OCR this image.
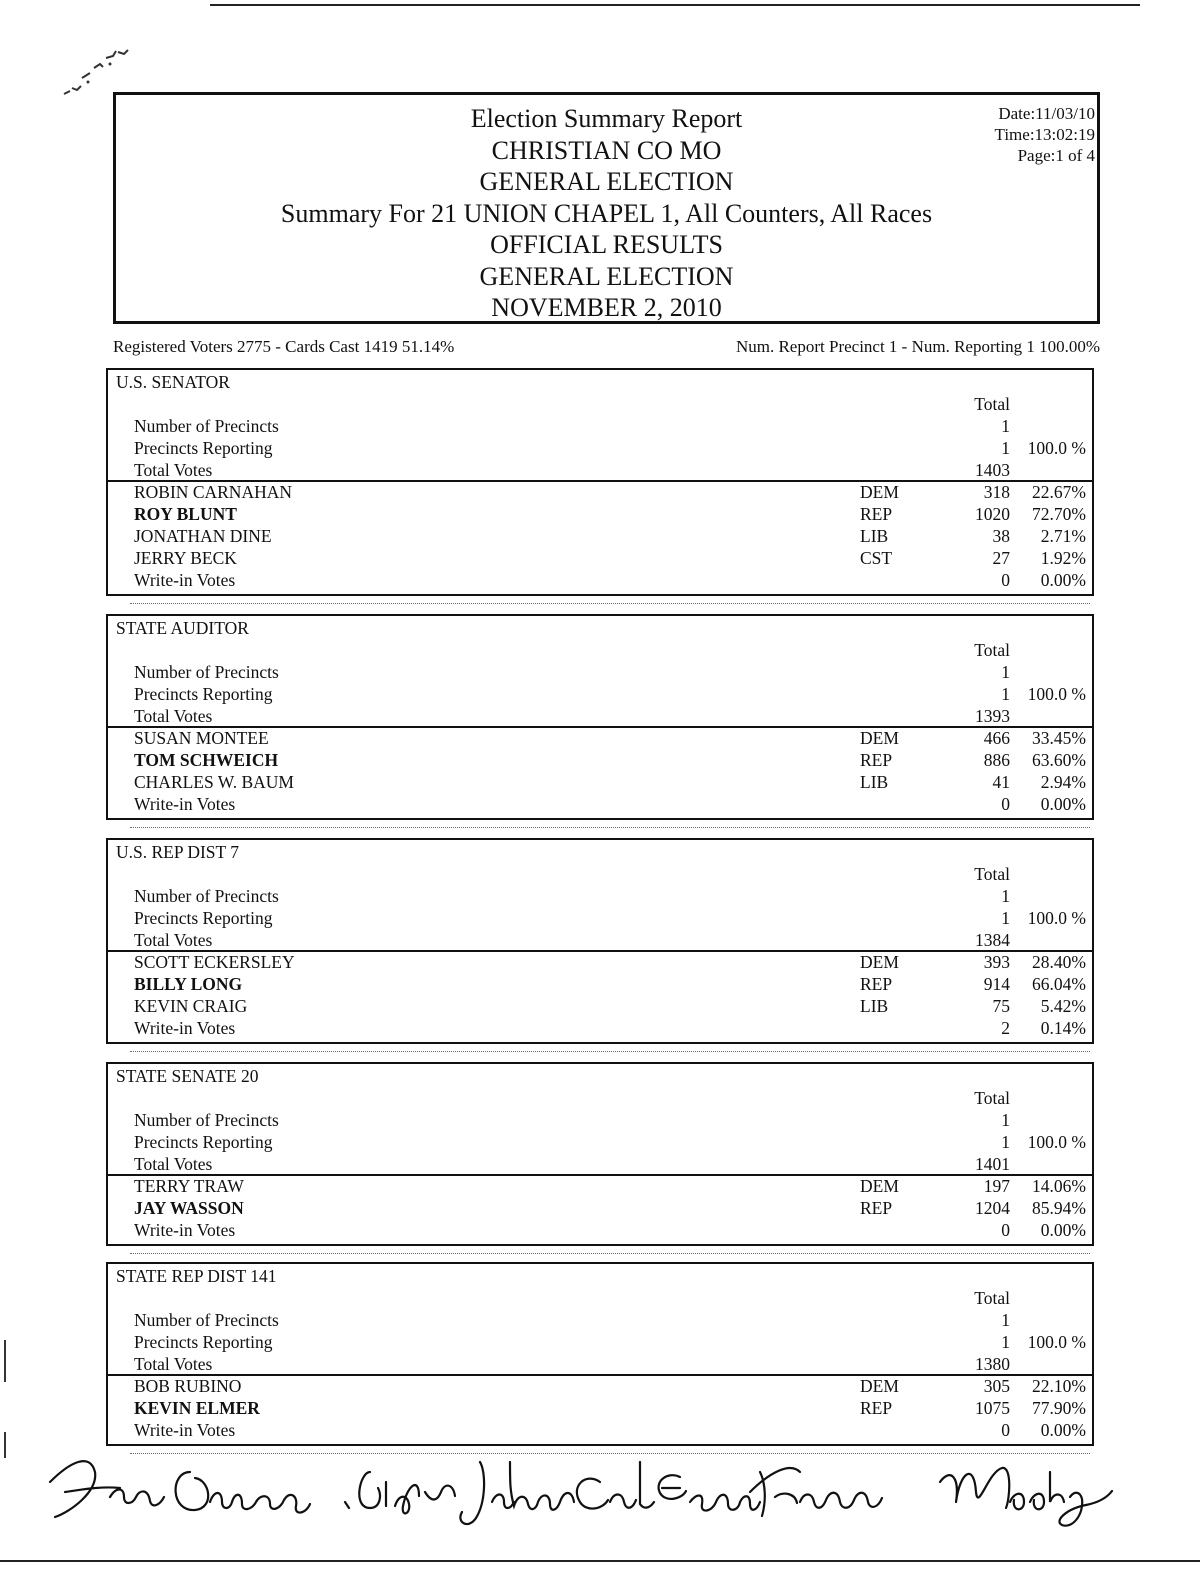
Election Summary Report
CHRISTIAN CO MO
GENERAL ELECTION
Summary For 21 UNION CHAPEL 1, All Counters, All Races
OFFICIAL RESULTS
GENERAL ELECTION
NOVEMBER 2, 2010
Date:11/03/10
Time:13:02:19
Page:1 of 4
Registered Voters 2775 - Cards Cast 1419 51.14%	Num. Report Precinct 1 - Num. Reporting 1 100.00%
U.S. SENATOR
Total
Number of Precincts	1
Precincts Reporting	1 100.0 %
Total Votes	1403
ROBIN CARNAHAN	DEM	318 22.67%
ROY BLUNT	REP	1020 72.70%
JONATHAN DINE	LIB	38 2.71%
JERRY BECK	CST	27 1.92%
Write-in Votes	0 0.00%
STATE AUDITOR
Total
Number of Precincts	1
Precincts Reporting	1 100.0 %
Total Votes	1393
SUSAN MONTEE	DEM	466 33.45%
TOM SCHWEICH	REP	886 63.60%
CHARLES W. BAUM	LIB	41 2.94%
Write-in Votes	0 0.00%
U.S. REP DIST 7
Total
Number of Precincts	1
Precincts Reporting	1 100.0 %
Total Votes	1384
SCOTT ECKERSLEY	DEM	393 28.40%
BILLY LONG	REP	914 66.04%
KEVIN CRAIG	LIB	75 5.42%
Write-in Votes	2 0.14%
STATE SENATE 20
Total
Number of Precincts	1
Precincts Reporting	1 100.0 %
Total Votes	1401
TERRY TRAW	DEM	197 14.06%
JAY WASSON	REP	1204 85.94%
Write-in Votes	0 0.00%
STATE REP DIST 141
Total
Number of Precincts	1
Precincts Reporting	1 100.0 %
Total Votes	1380
BOB RUBINO	DEM	305 22.10%
KEVIN ELMER	REP	1075 77.90%
Write-in Votes	0 0.00%
